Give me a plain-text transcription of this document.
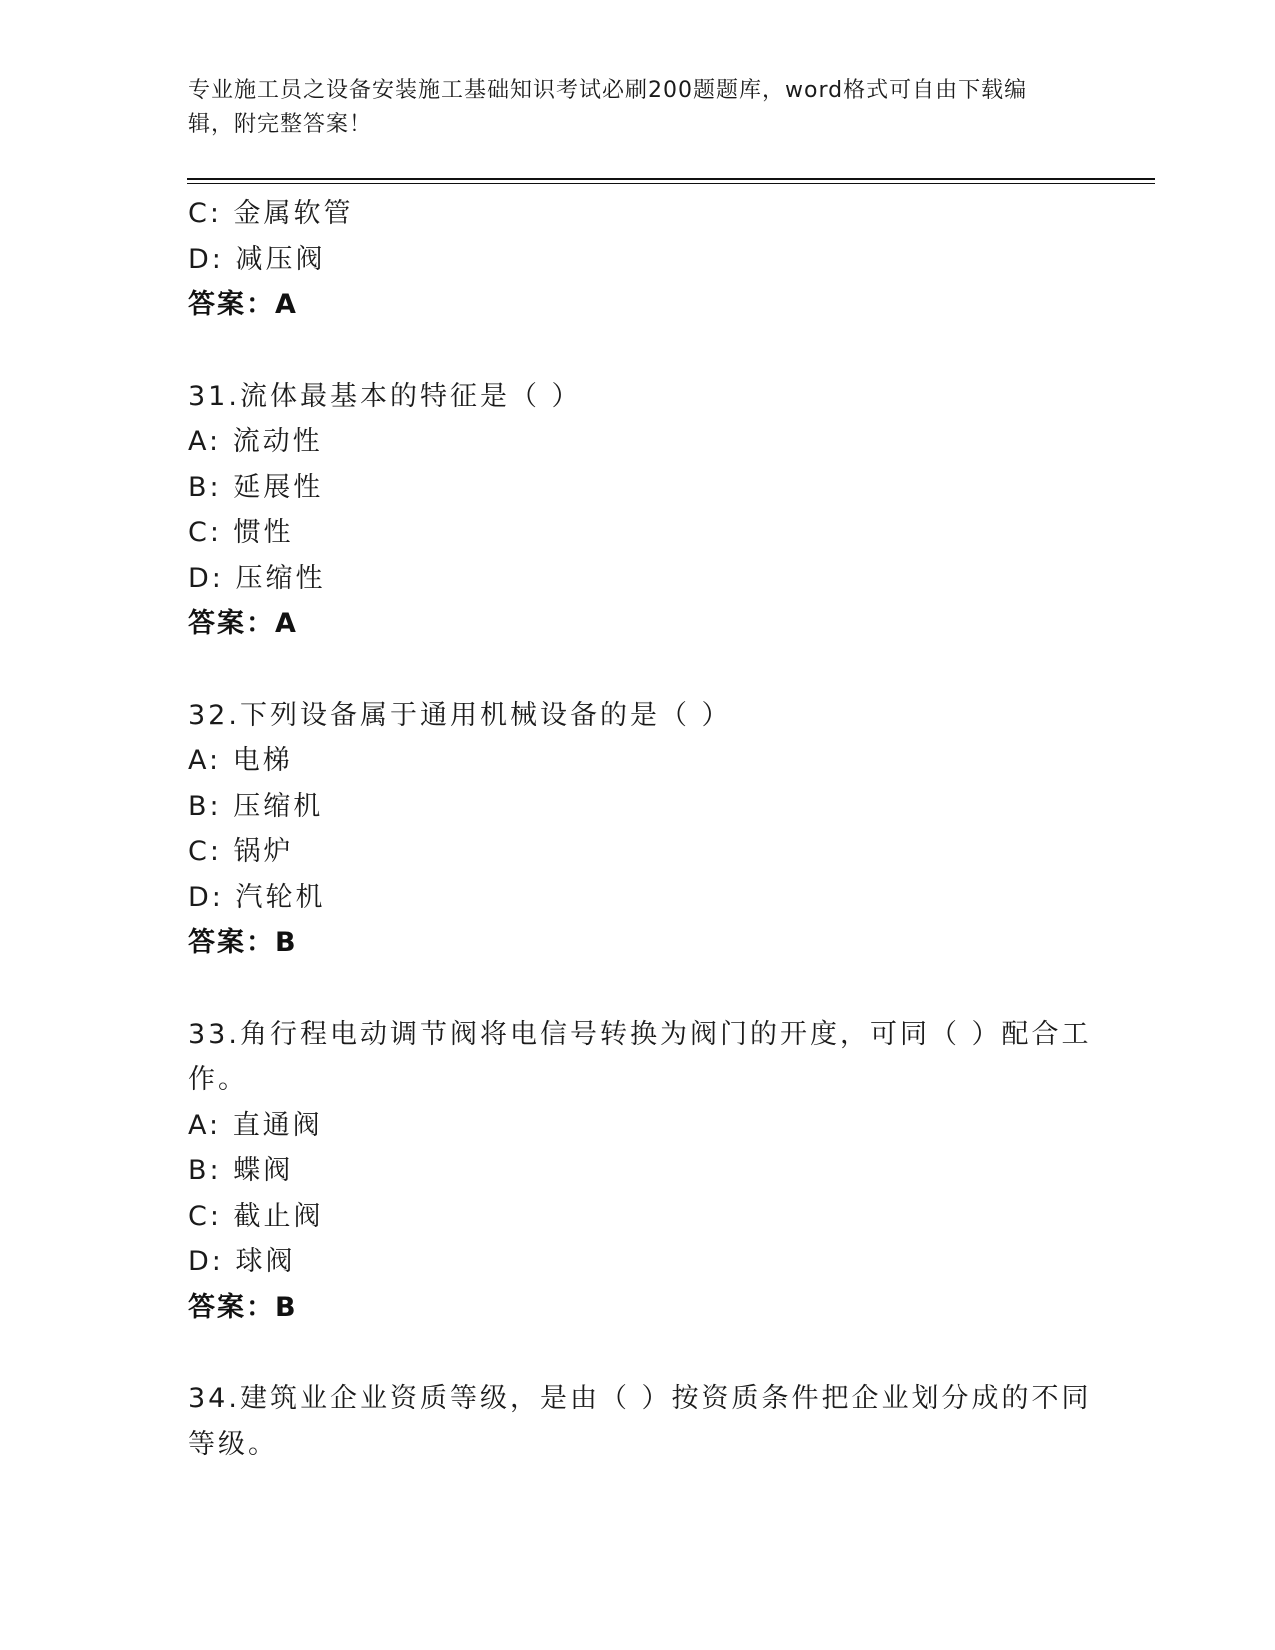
专业施工员之设备安装施工基础知识考试必刷200题题库，word格式可自由下载编辑，附完整答案！
C: 金属软管
D: 减压阀
答案：A
31.流体最基本的特征是（ ）
A: 流动性
B: 延展性
C: 惯性
D: 压缩性
答案：A
32.下列设备属于通用机械设备的是（ ）
A: 电梯
B: 压缩机
C: 锅炉
D: 汽轮机
答案：B
33.角行程电动调节阀将电信号转换为阀门的开度，可同（ ）配合工
作。
A: 直通阀
B: 蝶阀
C: 截止阀
D: 球阀
答案：B
34.建筑业企业资质等级，是由（ ）按资质条件把企业划分成的不同
等级。
